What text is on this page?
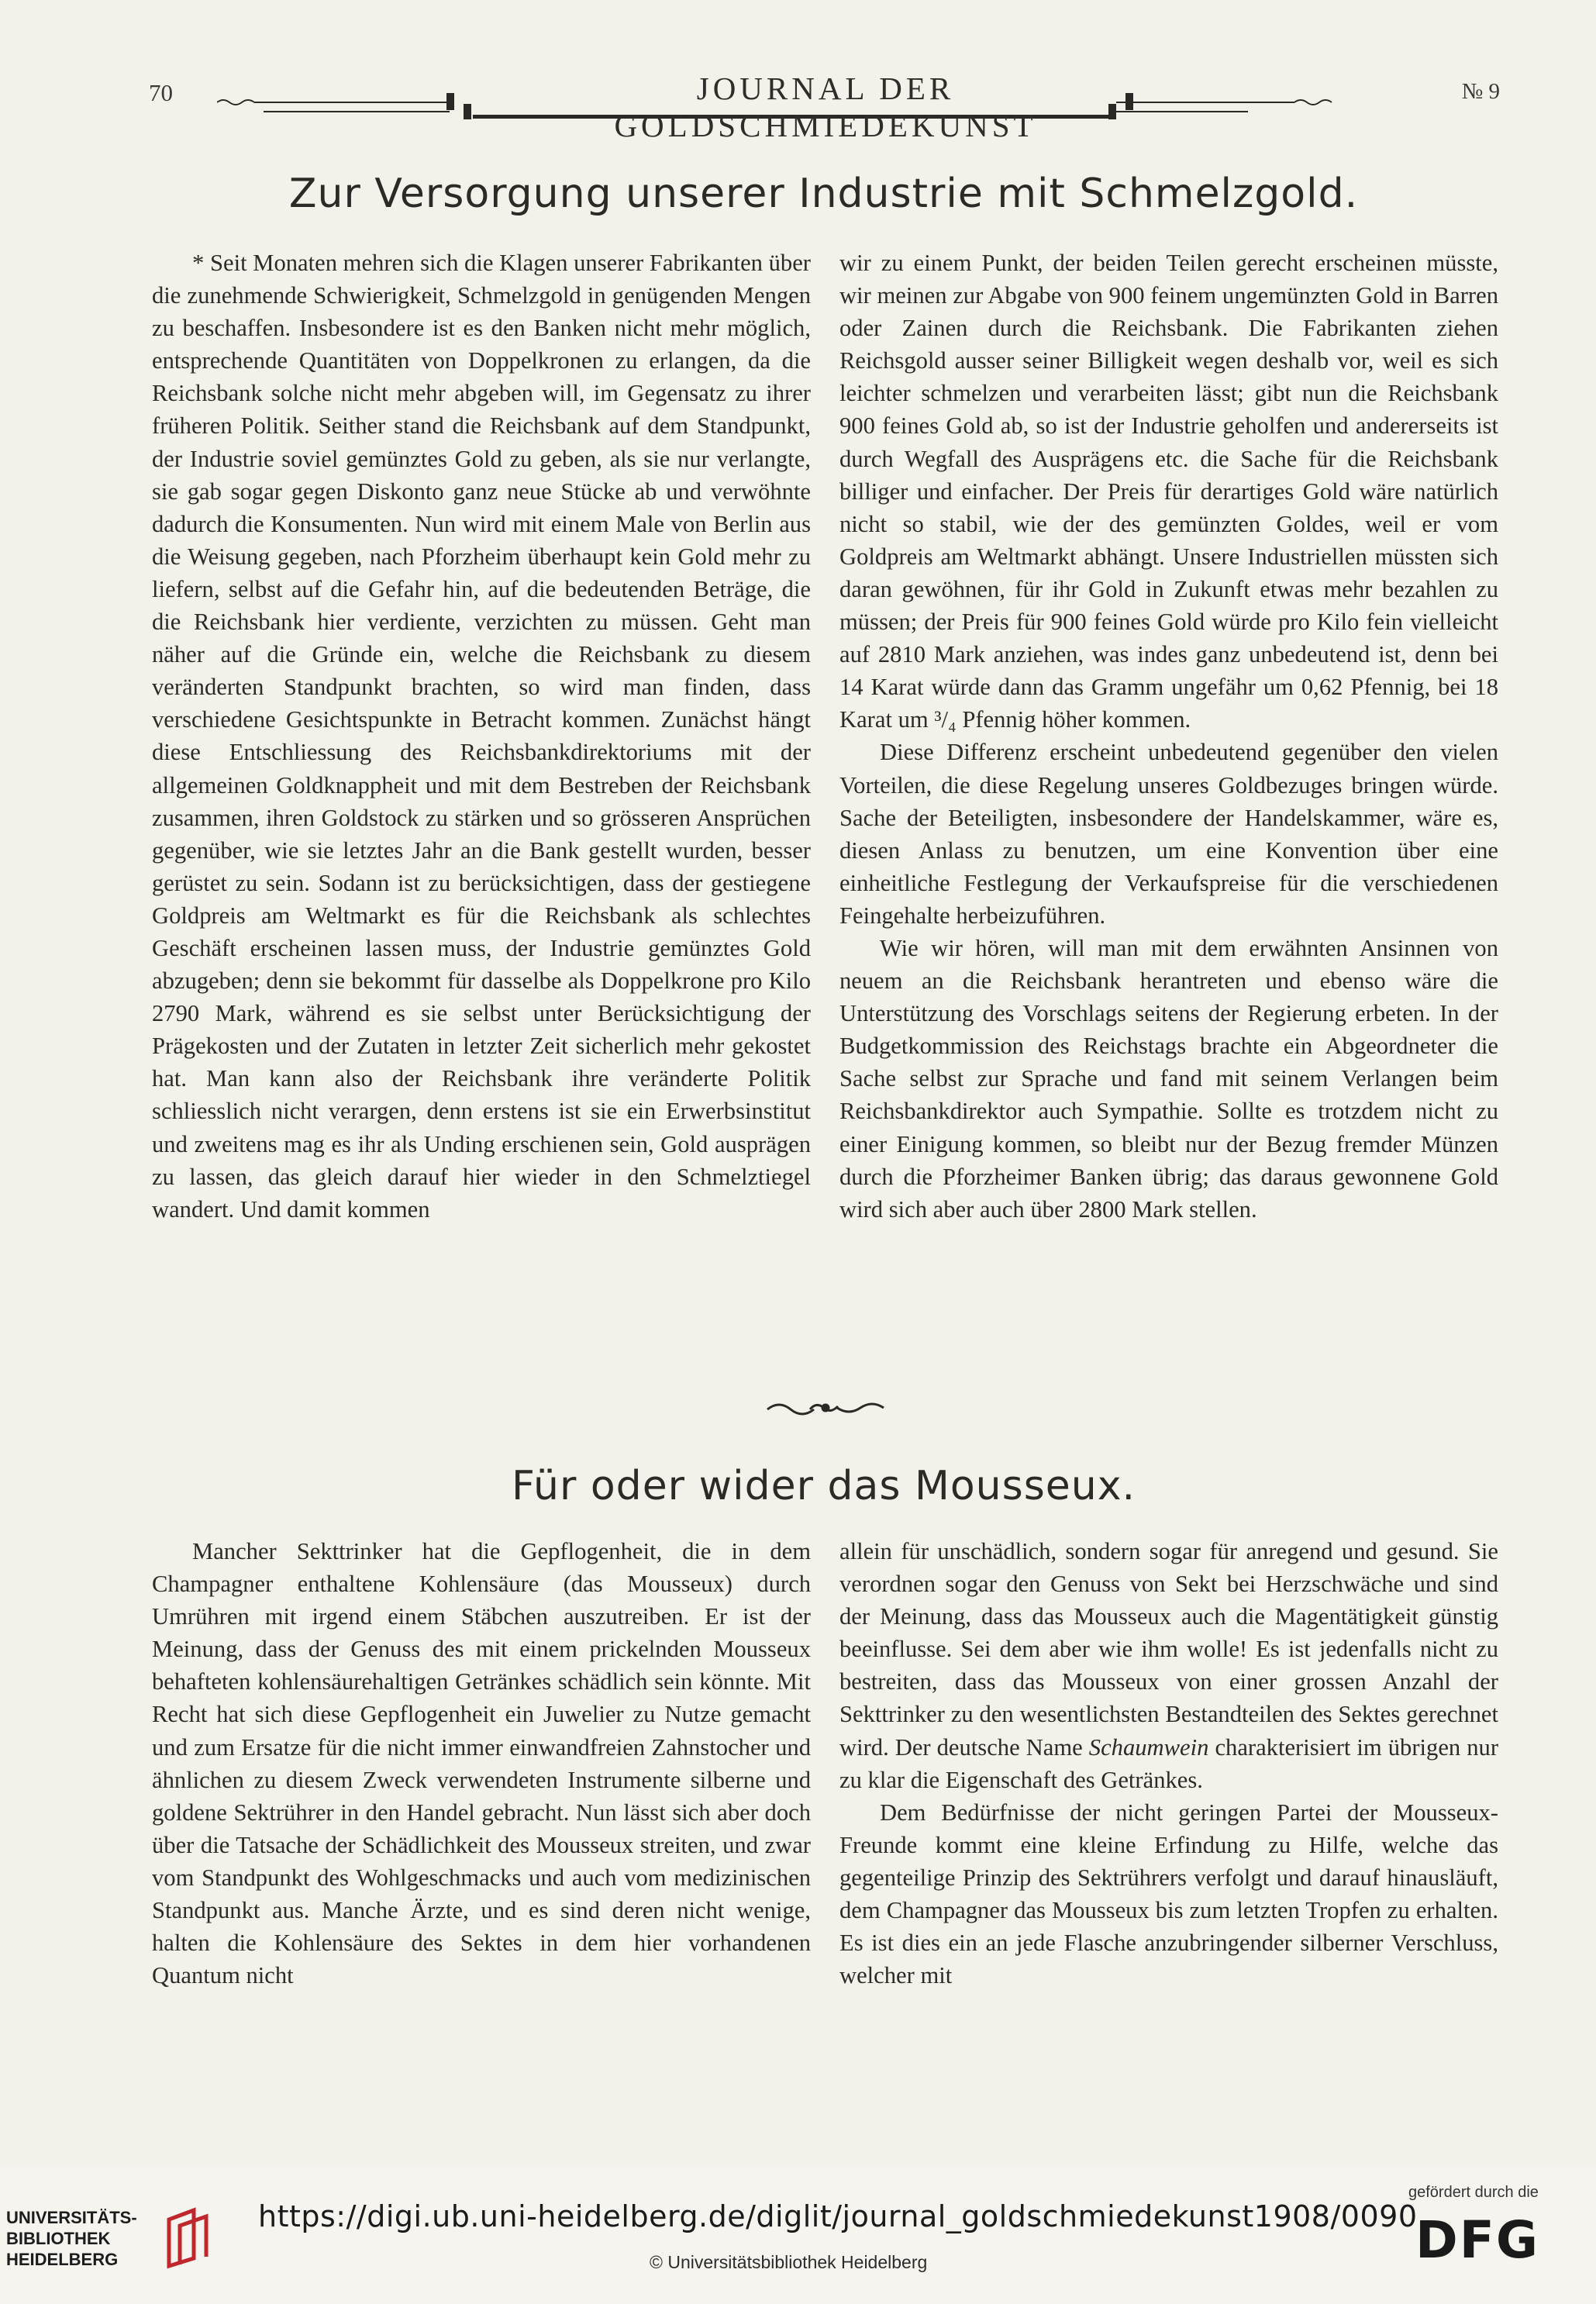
70	JOURNAL DER GOLDSCHMIEDEKUNST
№ 9
Zur Versorgung unserer Industrie mit Schmelzgold.

* Seit Monaten mehren sich die Klagen unserer Fabrikanten über die zunehmende Schwierigkeit, Schmelzgold in genügenden Mengen zu beschaffen. Insbesondere ist es den Banken nicht mehr möglich, entsprechende Quantitäten von Doppelkronen zu erlangen, da die Reichsbank solche nicht mehr abgeben will, im Gegensatz zu ihrer früheren Politik. Seither stand die Reichsbank auf dem Standpunkt, der Industrie soviel gemünztes Gold zu geben, als sie nur verlangte, sie gab sogar gegen Diskonto ganz neue Stücke ab und verwöhnte dadurch die Konsumenten. Nun wird mit einem Male von Berlin aus die Weisung gegeben, nach Pforzheim überhaupt kein Gold mehr zu liefern, selbst auf die Gefahr hin, auf die bedeutenden Beträge, die die Reichsbank hier verdiente, verzichten zu müssen. Geht man näher auf die Gründe ein, welche die Reichsbank zu diesem veränderten Standpunkt brachten, so wird man finden, dass verschiedene Gesichtspunkte in Betracht kommen. Zunächst hängt diese Entschliessung des Reichsbankdirektoriums mit der allgemeinen Goldknappheit und mit dem Bestreben der Reichsbank zusammen, ihren Goldstock zu stärken und so grösseren Ansprüchen gegenüber, wie sie letztes Jahr an die Bank gestellt wurden, besser gerüstet zu sein. Sodann ist zu berücksichtigen, dass der gestiegene Goldpreis am Weltmarkt es für die Reichsbank als schlechtes Geschäft erscheinen lassen muss, der Industrie gemünztes Gold abzugeben; denn sie bekommt für dasselbe als Doppelkrone pro Kilo 2790 Mark, während es sie selbst unter Berücksichtigung der Prägekosten und der Zutaten in letzter Zeit sicherlich mehr gekostet hat. Man kann also der Reichsbank ihre veränderte Politik schliesslich nicht verargen, denn erstens ist sie ein Erwerbsinstitut und zweitens mag es ihr als Unding erschienen sein, Gold ausprägen zu lassen, das gleich darauf hier wieder in den Schmelztiegel wandert. Und damit kommen

wir zu einem Punkt, der beiden Teilen gerecht erscheinen müsste, wir meinen zur Abgabe von 900 feinem ungemünzten Gold in Barren oder Zainen durch die Reichsbank. Die Fabrikanten ziehen Reichsgold ausser seiner Billigkeit wegen deshalb vor, weil es sich leichter schmelzen und verarbeiten lässt; gibt nun die Reichsbank 900 feines Gold ab, so ist der Industrie geholfen und andererseits ist durch Wegfall des Ausprägens etc. die Sache für die Reichsbank billiger und einfacher. Der Preis für derartiges Gold wäre natürlich nicht so stabil, wie der des gemünzten Goldes, weil er vom Goldpreis am Weltmarkt abhängt. Unsere Industriellen müssten sich daran gewöhnen, für ihr Gold in Zukunft etwas mehr bezahlen zu müssen; der Preis für 900 feines Gold würde pro Kilo fein vielleicht auf 2810 Mark anziehen, was indes ganz unbedeutend ist, denn bei 14 Karat würde dann das Gramm ungefähr um 0,62 Pfennig, bei 18 Karat um ³/₄ Pfennig höher kommen.

Diese Differenz erscheint unbedeutend gegenüber den vielen Vorteilen, die diese Regelung unseres Goldbezuges bringen würde. Sache der Beteiligten, insbesondere der Handelskammer, wäre es, diesen Anlass zu benutzen, um eine Konvention über eine einheitliche Festlegung der Verkaufspreise für die verschiedenen Feingehalte herbeizuführen.

Wie wir hören, will man mit dem erwähnten Ansinnen von neuem an die Reichsbank herantreten und ebenso wäre die Unterstützung des Vorschlags seitens der Regierung erbeten. In der Budgetkommission des Reichstags brachte ein Abgeordneter die Sache selbst zur Sprache und fand mit seinem Verlangen beim Reichsbankdirektor auch Sympathie. Sollte es trotzdem nicht zu einer Einigung kommen, so bleibt nur der Bezug fremder Münzen durch die Pforzheimer Banken übrig; das daraus gewonnene Gold wird sich aber auch über 2800 Mark stellen.

Für oder wider das Mousseux.

Mancher Sekttrinker hat die Gepflogenheit, die in dem Champagner enthaltene Kohlensäure (das Mousseux) durch Umrühren mit irgend einem Stäbchen auszutreiben. Er ist der Meinung, dass der Genuss des mit einem prickelnden Mousseux behafteten kohlensäurehaltigen Getränkes schädlich sein könnte. Mit Recht hat sich diese Gepflogenheit ein Juwelier zu Nutze gemacht und zum Ersatze für die nicht immer einwandfreien Zahnstocher und ähnlichen zu diesem Zweck verwendeten Instrumente silberne und goldene Sektrührer in den Handel gebracht. Nun lässt sich aber doch über die Tatsache der Schädlichkeit des Mousseux streiten, und zwar vom Standpunkt des Wohlgeschmacks und auch vom medizinischen Standpunkt aus. Manche Ärzte, und es sind deren nicht wenige, halten die Kohlensäure des Sektes in dem hier vorhandenen Quantum nicht

allein für unschädlich, sondern sogar für anregend und gesund. Sie verordnen sogar den Genuss von Sekt bei Herzschwäche und sind der Meinung, dass das Mousseux auch die Magentätigkeit günstig beeinflusse. Sei dem aber wie ihm wolle! Es ist jedenfalls nicht zu bestreiten, dass das Mousseux von einer grossen Anzahl der Sekttrinker zu den wesentlichsten Bestandteilen des Sektes gerechnet wird. Der deutsche Name Schaumwein charakterisiert im übrigen nur zu klar die Eigenschaft des Getränkes.

Dem Bedürfnisse der nicht geringen Partei der Mousseux-Freunde kommt eine kleine Erfindung zu Hilfe, welche das gegenteilige Prinzip des Sektrührers verfolgt und darauf hinausläuft, dem Champagner das Mousseux bis zum letzten Tropfen zu erhalten. Es ist dies ein an jede Flasche anzubringender silberner Verschluss, welcher mit

UNIVERSITÄTS-
BIBLIOTHEK
HEIDELBERG
https://digi.ub.uni-heidelberg.de/diglit/journal_goldschmiedekunst1908/0090
© Universitätsbibliothek Heidelberg
gefördert durch die
DFG
